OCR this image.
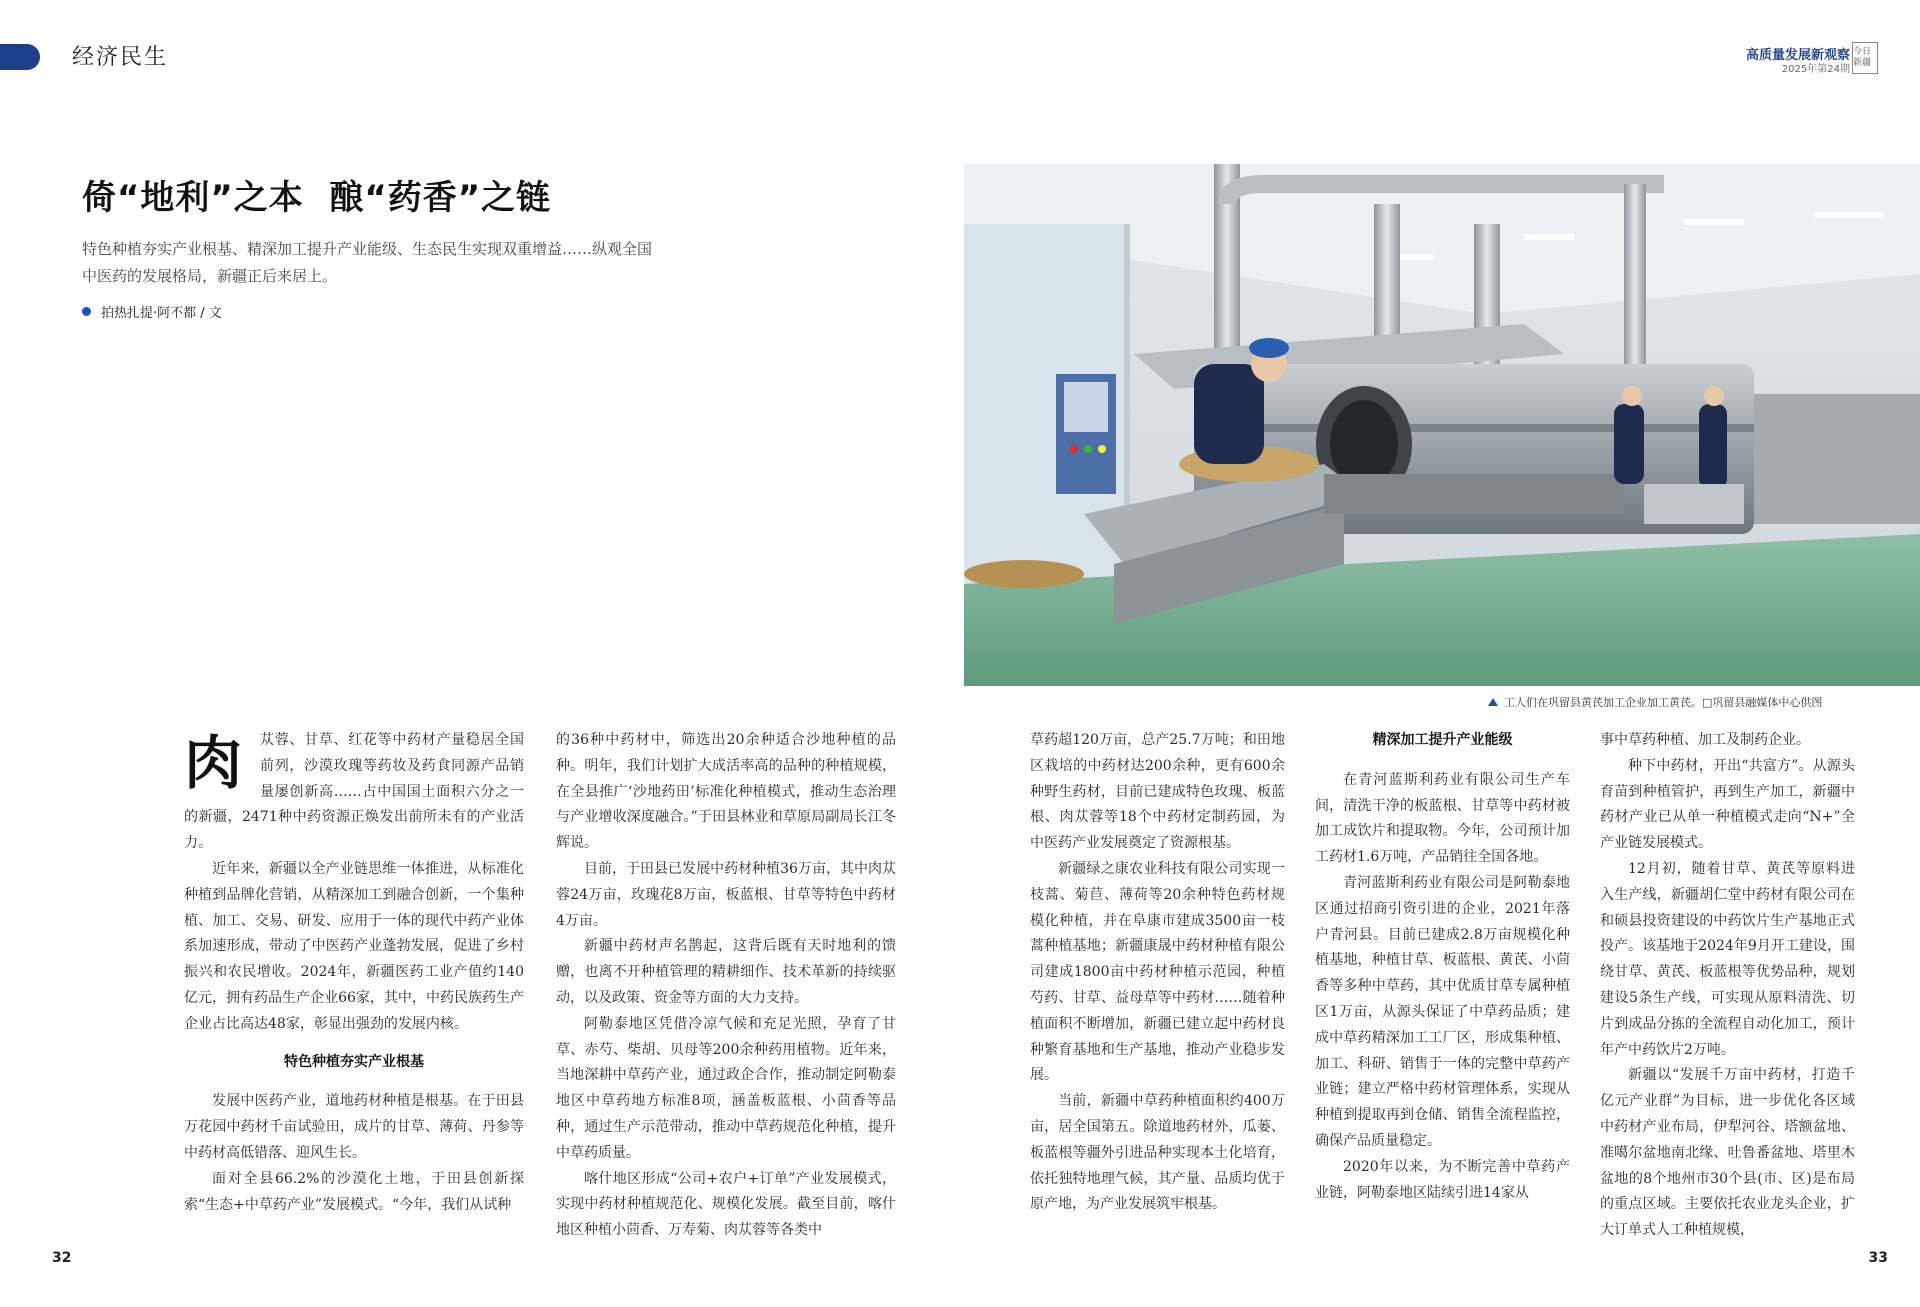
经济民生	高质量发展新观察
2025年第24期
今日新疆
倚“地利”之本  酿“药香”之链
特色种植夯实产业根基、精深加工提升产业能级、生态民生实现双重增益……纵观全国中医药的发展格局，新疆正后来居上。
拍热扎提·阿不都 / 文
工人们在巩留县黄芪加工企业加工黄芪。□巩留县融媒体中心供图
肉	苁蓉、甘草、红花等中药材产量稳居全国前列，沙漠玫瑰等药妆及药食同源产品销量屡创新高……占中国国土面积六分之一的新疆，2471种中药资源正焕发出前所未有的产业活力。

近年来，新疆以全产业链思维一体推进，从标准化种植到品牌化营销，从精深加工到融合创新，一个集种植、加工、交易、研发、应用于一体的现代中药产业体系加速形成，带动了中医药产业蓬勃发展，促进了乡村振兴和农民增收。2024年，新疆医药工业产值约140亿元，拥有药品生产企业66家，其中，中药民族药生产企业占比高达48家，彰显出强劲的发展内核。

特色种植夯实产业根基

发展中医药产业，道地药材种植是根基。在于田县万花园中药材千亩试验田，成片的甘草、薄荷、丹参等中药材高低错落、迎风生长。

面对全县66.2%的沙漠化土地，于田县创新探索“生态+中草药产业”发展模式。“今年，我们从试种

的36种中药材中，筛选出20余种适合沙地种植的品种。明年，我们计划扩大成活率高的品种的种植规模，在全县推广‘沙地药田’标准化种植模式，推动生态治理与产业增收深度融合。”于田县林业和草原局副局长江冬辉说。

目前，于田县已发展中药材种植36万亩，其中肉苁蓉24万亩，玫瑰花8万亩，板蓝根、甘草等特色中药材4万亩。

新疆中药材声名鹊起，这背后既有天时地利的馈赠，也离不开种植管理的精耕细作、技术革新的持续驱动，以及政策、资金等方面的大力支持。

阿勒泰地区凭借冷凉气候和充足光照，孕育了甘草、赤芍、柴胡、贝母等200余种药用植物。近年来，当地深耕中草药产业，通过政企合作，推动制定阿勒泰地区中草药地方标准8项，涵盖板蓝根、小茴香等品种，通过生产示范带动，推动中草药规范化种植，提升中草药质量。

喀什地区形成“公司+农户+订单”产业发展模式，实现中药材种植规范化、规模化发展。截至目前，喀什地区种植小茴香、万寿菊、肉苁蓉等各类中

草药超120万亩，总产25.7万吨；和田地区栽培的中药材达200余种，更有600余种野生药材，目前已建成特色玫瑰、板蓝根、肉苁蓉等18个中药材定制药园，为中医药产业发展奠定了资源根基。

新疆绿之康农业科技有限公司实现一枝蒿、菊苣、薄荷等20余种特色药材规模化种植，并在阜康市建成3500亩一枝蒿种植基地；新疆康晟中药材种植有限公司建成1800亩中药材种植示范园，种植芍药、甘草、益母草等中药材……随着种植面积不断增加，新疆已建立起中药材良种繁育基地和生产基地，推动产业稳步发展。

当前，新疆中草药种植面积约400万亩，居全国第五。除道地药材外，瓜蒌、板蓝根等疆外引进品种实现本土化培育，依托独特地理气候，其产量、品质均优于原产地，为产业发展筑牢根基。

精深加工提升产业能级

在青河蓝斯利药业有限公司生产车间，清洗干净的板蓝根、甘草等中药材被加工成饮片和提取物。今年，公司预计加工药材1.6万吨，产品销往全国各地。

青河蓝斯利药业有限公司是阿勒泰地区通过招商引资引进的企业，2021年落户青河县。目前已建成2.8万亩规模化种植基地，种植甘草、板蓝根、黄芪、小茴香等多种中草药，其中优质甘草专属种植区1万亩，从源头保证了中草药品质；建成中草药精深加工工厂区，形成集种植、加工、科研、销售于一体的完整中草药产业链；建立严格中药材管理体系，实现从种植到提取再到仓储、销售全流程监控，确保产品质量稳定。

2020年以来，为不断完善中草药产业链，阿勒泰地区陆续引进14家从

事中草药种植、加工及制药企业。

种下中药材，开出“共富方”。从源头育苗到种植管护，再到生产加工，新疆中药材产业已从单一种植模式走向“N+”全产业链发展模式。

12月初，随着甘草、黄芪等原料进入生产线，新疆胡仁堂中药材有限公司在和硕县投资建设的中药饮片生产基地正式投产。该基地于2024年9月开工建设，围绕甘草、黄芪、板蓝根等优势品种，规划建设5条生产线，可实现从原料清洗、切片到成品分拣的全流程自动化加工，预计年产中药饮片2万吨。

新疆以“发展千万亩中药材，打造千亿元产业群”为目标，进一步优化各区域中药材产业布局，伊犁河谷、塔额盆地、准噶尔盆地南北缘、吐鲁番盆地、塔里木盆地的8个地州市30个县(市、区)是布局的重点区域。主要依托农业龙头企业，扩大订单式人工种植规模，

32	33
